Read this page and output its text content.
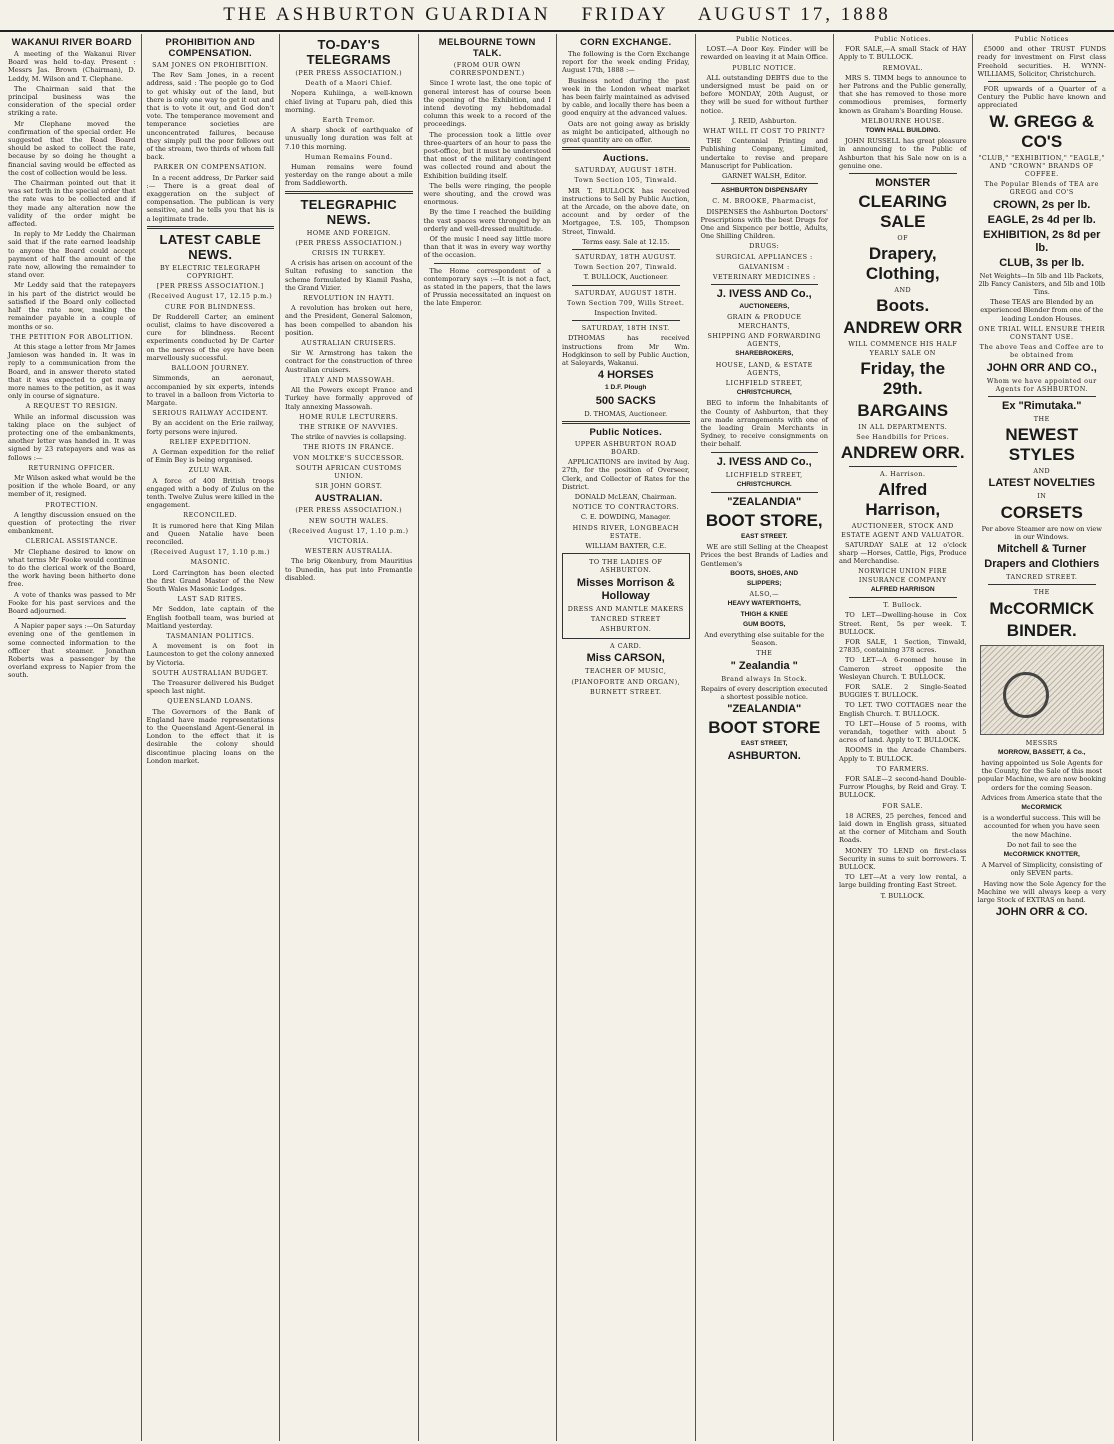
THE ASHBURTON GUARDIAN FRIDAY AUGUST 17, 1888
WAKANUI RIVER BOARD

A meeting of the Wakanui River Board was held to-day. Present : Messrs Jas. Brown (Chairman), D. Leddy, M. Wilson and T. Clephane.

The Chairman said that the principal business was the consideration of the special order striking a rate.

Mr Clephane moved the confirmation of the special order. He suggested that the Road Board should be asked to collect the rate, because by so doing he thought a financial saving would be effected as the cost of collection would be less.

The Chairman pointed out that it was set forth in the special order that the rate was to be collected and if they made any alteration now the validity of the order might be affected.

In reply to Mr Leddy the Chairman said that if the rate earned leadship to anyone the Board could accept payment of half the amount of the rate now, allowing the remainder to stand over.

Mr Leddy said that the ratepayers in his part of the district would be satisfied if the Board only collected half the rate now, making the remainder payable in a couple of months or so.

THE PETITION FOR ABOLITION.

At this stage a letter from Mr James Jamieson was handed in. It was in reply to a communication from the Board, and in answer thereto stated that it was expected to get many more names to the petition, as it was only in course of signature.

A REQUEST TO RESIGN.

While an informal discussion was taking place on the subject of protecting one of the embankments, another letter was handed in. It was signed by 23 ratepayers and was as follows :—

RETURNING OFFICER.

Mr Wilson asked what would be the position if the whole Board, or any member of it, resigned.

PROTECTION.

A lengthy discussion ensued on the question of protecting the river embankment.

CLERICAL ASSISTANCE.

Mr Clephane desired to know on what terms Mr Fooke would continue to do the clerical work of the Board, the work having been hitherto done free.

A vote of thanks was passed to Mr Fooke for his past services and the Board adjourned.

A Napier paper says :—On Saturday evening one of the gentlemen in some connected information to the officer that steamer. Jonathan Roberts was a passenger by the overland express to Napier from the south.

PROHIBITION AND COMPENSATION.
SAM JONES ON PROHIBITION.

The Rev Sam Jones, in a recent address, said : The people go to God to get whisky out of the land, but there is only one way to get it out and that is to vote it out, and God don't vote. The temperance movement and temperance societies are unconcentrated failures, because they simply pull the poor fellows out of the stream, two thirds of whom fall back.

PARKER ON COMPENSATION.

In a recent address, Dr Parker said :— There is a great deal of exaggeration on the subject of compensation. The publican is very sensitive, and he tells you that his is a legitimate trade.

LATEST CABLE NEWS.
BY ELECTRIC TELEGRAPH COPYRIGHT.
[PER PRESS ASSOCIATION.]
(Received August 17, 12.15 p.m.)
CURE FOR BLINDNESS.

Dr Rudderell Carter, an eminent oculist, claims to have discovered a cure for blindness. Recent experiments conducted by Dr Carter on the nerves of the eye have been marvellously successful.

BALLOON JOURNEY.

Simmonds, an aeronaut, accompanied by six experts, intends to travel in a balloon from Victoria to Margate.

SERIOUS RAILWAY ACCIDENT.

By an accident on the Erie railway, forty persons were injured.

RELIEF EXPEDITION.

A German expedition for the relief of Emin Bey is being organised.

ZULU WAR.

A force of 400 British troops engaged with a body of Zulus on the tenth. Twelve Zulus were killed in the engagement.

RECONCILED.

It is rumored here that King Milan and Queen Natalie have been reconciled.

(Received August 17, 1.10 p.m.)
MASONIC.

Lord Carrington has been elected the first Grand Master of the New South Wales Masonic Lodges.

LAST SAD RITES.

Mr Seddon, late captain of the English football team, was buried at Maitland yesterday.

TASMANIAN POLITICS.

A movement is on foot in Launceston to get the colony annexed by Victoria.

SOUTH AUSTRALIAN BUDGET.

The Treasurer delivered his Budget speech last night.

QUEENSLAND LOANS.

The Governors of the Bank of England have made representations to the Queensland Agent-General in London to the effect that it is desirable the colony should discontinue placing loans on the London market.

TO-DAY'S TELEGRAMS
(PER PRESS ASSOCIATION.)
Death of a Maori Chief.

Nopera Kuhiinga, a well-known chief living at Tuparu pah, died this morning.

Earth Tremor.

A sharp shock of earthquake of unusually long duration was felt at 7.10 this morning.

Human Remains Found.

Human remains were found yesterday on the range about a mile from Saddleworth.

TELEGRAPHIC NEWS.
HOME AND FOREIGN.
(PER PRESS ASSOCIATION.)
CRISIS IN TURKEY.

A crisis has arisen on account of the Sultan refusing to sanction the scheme formulated by Kiamil Pasha, the Grand Vizier.

REVOLUTION IN HAYTI.

A revolution has broken out here, and the President, General Salomon, has been compelled to abandon his position.

AUSTRALIAN CRUISERS.

Sir W. Armstrong has taken the contract for the construction of three Australian cruisers.

ITALY AND MASSOWAH.

All the Powers except France and Turkey have formally approved of Italy annexing Massowah.

HOME RULE LECTURERS.
THE STRIKE OF NAVVIES.

The strike of navvies is collapsing.

THE RIOTS IN FRANCE.
VON MOLTKE'S SUCCESSOR.
SOUTH AFRICAN CUSTOMS UNION.
SIR JOHN GORST.
AUSTRALIAN.
(PER PRESS ASSOCIATION.)
NEW SOUTH WALES.
(Received August 17, 1.10 p.m.)
VICTORIA.
WESTERN AUSTRALIA.

The brig Okenbury, from Mauritius to Dunedin, has put into Fremantle disabled.

MELBOURNE TOWN TALK.
(FROM OUR OWN CORRESPONDENT.)

Since I wrote last, the one topic of general interest has of course been the opening of the Exhibition, and I intend devoting my hebdomadal column this week to a record of the proceedings.

The procession took a little over three-quarters of an hour to pass the post-office, but it must be understood that most of the military contingent was collected round and about the Exhibition building itself.

The bells were ringing, the people were shouting, and the crowd was enormous.

By the time I reached the building the vast spaces were thronged by an orderly and well-dressed multitude.

Of the music I need say little more than that it was in every way worthy of the occasion.

The Home correspondent of a contemporary says :—It is not a fact, as stated in the papers, that the laws of Prussia necessitated an inquest on the late Emperor.

CORN EXCHANGE.

The following is the Corn Exchange report for the week ending Friday, August 17th, 1888 :—

Business noted during the past week in the London wheat market has been fairly maintained as advised by cable, and locally there has been a good enquiry at the advanced values.

Oats are not going away as briskly as might be anticipated, although no great quantity are on offer.

Auctions.
SATURDAY, AUGUST 18TH.
Town Section 105, Tinwald.

MR T. BULLOCK has received instructions to Sell by Public Auction, at the Arcade, on the above date, on account and by order of the Mortgagee, T.S. 105, Thompson Street, Tinwald.

Terms easy. Sale at 12.15.

SATURDAY, 18TH AUGUST.
Town Section 207, Tinwald.

T. BULLOCK, Auctioneer.

SATURDAY, AUGUST 18TH.
Town Section 709, Wills Street.

Inspection Invited.

SATURDAY, 18TH INST.

DTHOMAS has received instructions from Mr Wm. Hodgkinson to sell by Public Auction, at Saleyards, Wakanui.

4 HORSES

1 D.F. Plough

500 SACKS

D. THOMAS, Auctioneer.

Public Notices.
UPPER ASHBURTON ROAD BOARD.

APPLICATIONS are invited by Aug. 27th, for the position of Overseer, Clerk, and Collector of Rates for the District.

DONALD McLEAN, Chairman.

NOTICE TO CONTRACTORS.

C. E. DOWDING, Manager.

HINDS RIVER, LONGBEACH ESTATE.

WILLIAM BAXTER, C.E.

TO THE LADIES OF ASHBURTON.

Misses Morrison & Holloway

DRESS AND MANTLE MAKERS
TANCRED STREET
ASHBURTON.
A CARD.

Miss CARSON,

TEACHER OF MUSIC,
(PIANOFORTE AND ORGAN),
BURNETT STREET.
Public Notices.

LOST.—A Door Key. Finder will be rewarded on leaving it at Main Office.

PUBLIC NOTICE.

ALL outstanding DEBTS due to the undersigned must be paid on or before MONDAY, 20th August, or they will be sued for without further notice.

J. REID, Ashburton.

WHAT WILL IT COST TO PRINT?

THE Centennial Printing and Publishing Company, Limited, undertake to revise and prepare Manuscript for Publication.

GARNET WALSH, Editor.

ASHBURTON DISPENSARY

C. M. BROOKE, Pharmacist,

DISPENSES the Ashburton Doctors' Prescriptions with the best Drugs for One and Sixpence per bottle, Adults, One Shilling Children.

DRUGS:
SURGICAL APPLIANCES :
GALVANISM :
VETERINARY MEDICINES :

J. IVESS AND Co.,

AUCTIONEERS,

GRAIN & PRODUCE MERCHANTS,
SHIPPING AND FORWARDING AGENTS,

SHAREBROKERS,

HOUSE, LAND, & ESTATE AGENTS,
LICHFIELD STREET,

CHRISTCHURCH,

BEG to inform the Inhabitants of the County of Ashburton, that they are made arrangements with one of the leading Grain Merchants in Sydney, to receive consignments on their behalf.

J. IVESS AND Co.,

LICHFIELD STREET,

CHRISTCHURCH.

"ZEALANDIA"

BOOT STORE,

EAST STREET.

WE are still Selling at the Cheapest Prices the best Brands of Ladies and Gentlemen's

BOOTS, SHOES, AND

SLIPPERS;

ALSO,—

HEAVY WATERTIGHTS,

THIGH & KNEE

GUM BOOTS,

And everything else suitable for the Season.

THE

" Zealandia "

Brand always In Stock.

Repairs of every description executed a shortest possible notice.

"ZEALANDIA"

BOOT STORE

EAST STREET,

ASHBURTON.

Public Notices.

FOR SALE,—A small Stack of HAY Apply to T. BULLOCK.

REMOVAL.

MRS S. TIMM begs to announce to her Patrons and the Public generally, that she has removed to those more commodious premises, formerly known as Graham's Boarding House.

MELBOURNE HOUSE.

TOWN HALL BUILDING.

JOHN RUSSELL has great pleasure in announcing to the Public of Ashburton that his Sale now on is a genuine one.

MONSTER

CLEARING SALE

OF

Drapery, Clothing,

AND

Boots.

ANDREW ORR

WILL COMMENCE HIS HALF YEARLY SALE ON

Friday, the 29th.

BARGAINS

IN ALL DEPARTMENTS.
See Handbills for Prices.

ANDREW ORR.

A. Harrison.

Alfred Harrison,

AUCTIONEER, STOCK AND ESTATE AGENT AND VALUATOR.

SATURDAY SALE at 12 o'clock sharp —Horses, Cattle, Pigs, Produce and Merchandise.

NORWICH UNION FIRE INSURANCE COMPANY

ALFRED HARRISON

T. Bullock.

TO LET—Dwelling-house in Cox Street. Rent, 5s per week. T. BULLOCK.

FOR SALE, 1 Section, Tinwald, 27835, containing 378 acres.

TO LET—A 6-roomed house in Cameron street opposite the Wesleyan Church. T. BULLOCK.

FOR SALE. 2 Single-Seated BUGGIES T. BULLOCK.

TO LET. TWO COTTAGES near the English Church. T. BULLOCK.

TO LET—House of 5 rooms, with verandah, together with about 5 acres of land. Apply to T. BULLOCK.

ROOMS in the Arcade Chambers. Apply to T. BULLOCK.

TO FARMERS.

FOR SALE—2 second-hand Double-Furrow Ploughs, by Reid and Gray. T. BULLOCK.

FOR SALE.

18 ACRES, 25 perches, fenced and laid down in English grass, situated at the corner of Mitcham and South Roads.

MONEY TO LEND on first-class Security in sums to suit borrowers. T. BULLOCK.

TO LET—At a very low rental, a large building fronting East Street.

T. BULLOCK.

Public Notices

£5000 and other TRUST FUNDS ready for investment on First class Freehold securities. H. WYNN-WILLIAMS, Solicitor, Christchurch.

FOR upwards of a Quarter of a Century the Public have known and appreciated

W. GREGG & CO'S

"CLUB," "EXHIBITION," "EAGLE," AND "CROWN" BRANDS OF COFFEE.
The Popular Blends of TEA are GREGG and CO'S

CROWN, 2s per lb.

EAGLE, 2s 4d per lb.

EXHIBITION, 2s 8d per lb.

CLUB, 3s per lb.

Net Weights—In 5lb and 1lb Packets, 2lb Fancy Canisters, and 5lb and 10lb Tins.

These TEAS are Blended by an experienced Blender from one of the leading London Houses.

ONE TRIAL WILL ENSURE THEIR CONSTANT USE.
The above Teas and Coffee are to be obtained from

JOHN ORR AND CO.,

Whom we have appointed our Agents for ASHBURTON.

Ex "Rimutaka."

THE

NEWEST STYLES

AND

LATEST NOVELTIES

IN

CORSETS

Per above Steamer are now on view in our Windows.

Mitchell & Turner

Drapers and Clothiers

TANCRED STREET.
THE

McCORMICK

BINDER.

MESSRS

MORROW, BASSETT, & Co.,

having appointed us Sole Agents for the County, for the Sale of this most popular Machine, we are now booking orders for the coming Season.

Advices from America state that the

McCORMICK

is a wonderful success. This will be accounted for when you have seen the new Machine.

Do not fail to see the

McCORMICK KNOTTER,

A Marvel of Simplicity, consisting of only SEVEN parts.

Having now the Sole Agency for the Machine we will always keep a very large Stock of EXTRAS on hand.

JOHN ORR & CO.
